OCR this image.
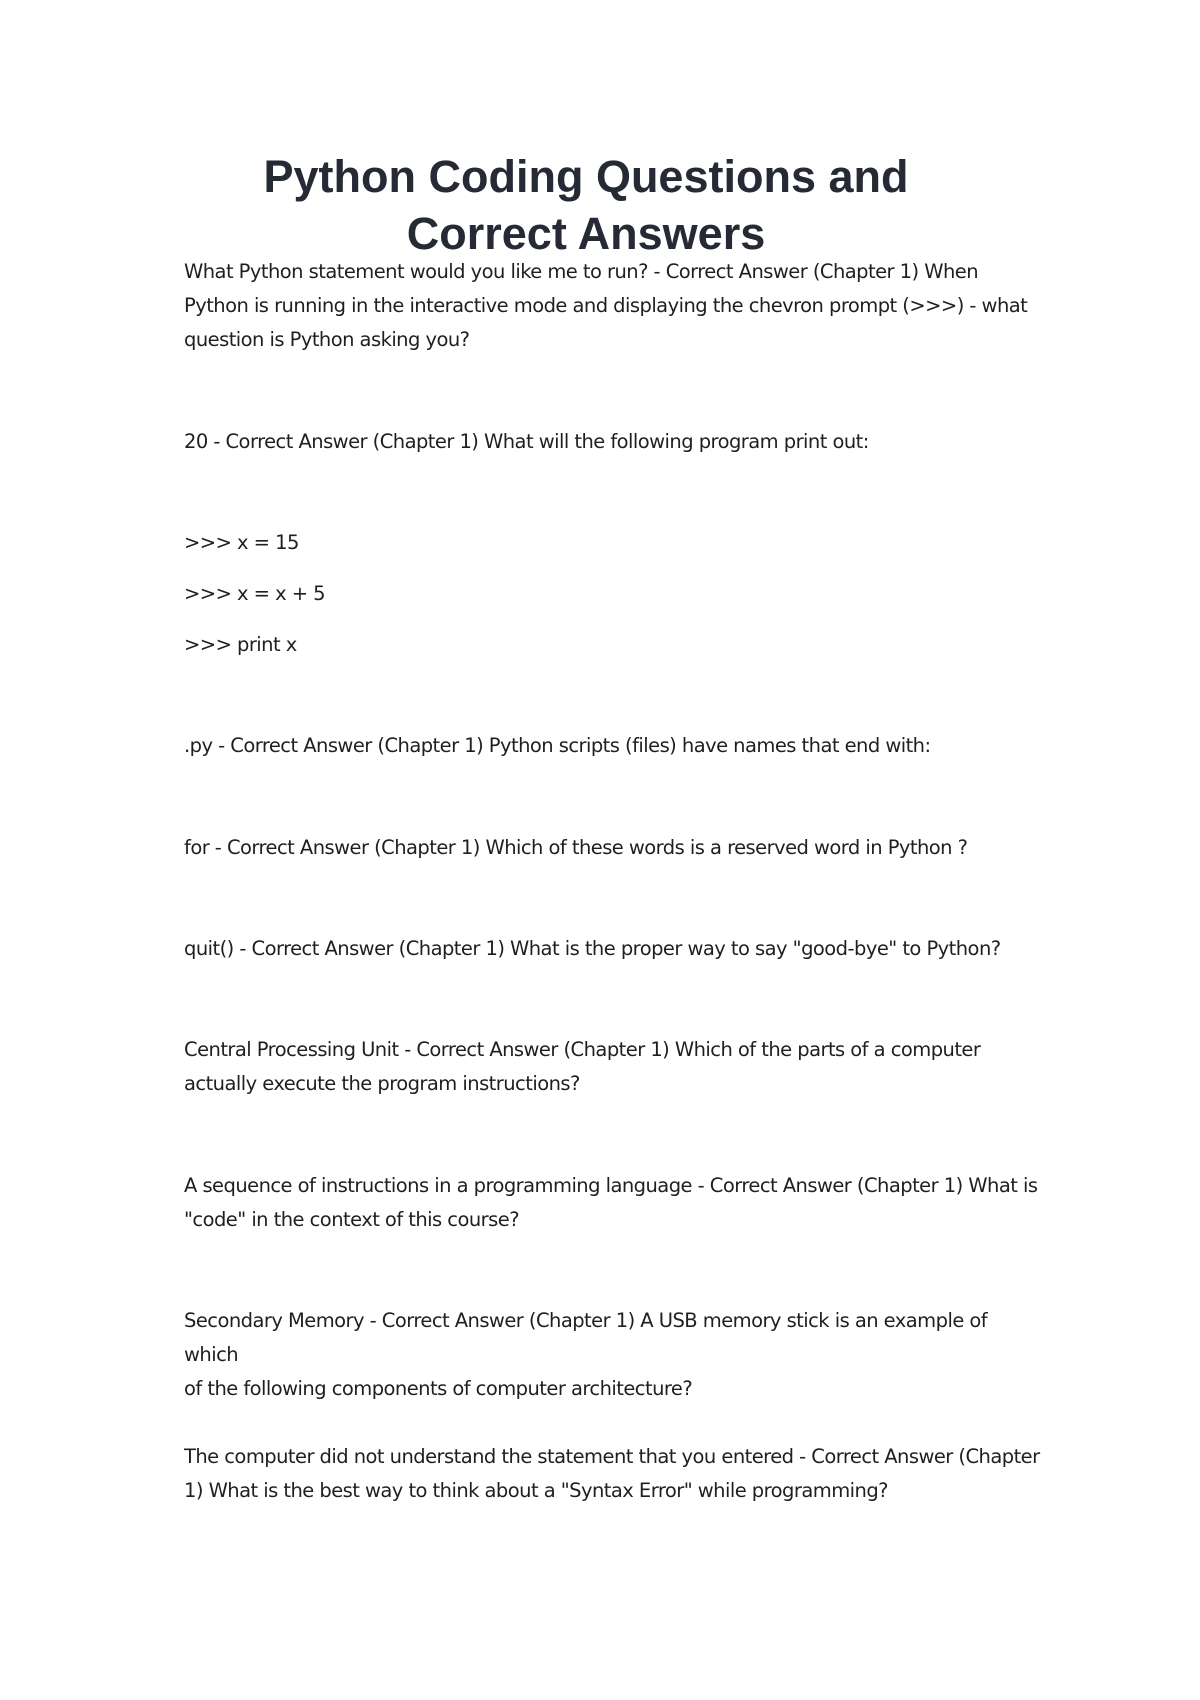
Python Coding Questions and
Correct Answers
What Python statement would you like me to run? - Correct Answer (Chapter 1) When
Python is running in the interactive mode and displaying the chevron prompt (>>>) - what
question is Python asking you?
20 - Correct Answer (Chapter 1) What will the following program print out:
>>> x = 15
>>> x = x + 5
>>> print x
.py - Correct Answer (Chapter 1) Python scripts (files) have names that end with:
for - Correct Answer (Chapter 1) Which of these words is a reserved word in Python ?
quit() - Correct Answer (Chapter 1) What is the proper way to say "good-bye" to Python?
Central Processing Unit - Correct Answer (Chapter 1) Which of the parts of a computer
actually execute the program instructions?
A sequence of instructions in a programming language - Correct Answer (Chapter 1) What is
"code" in the context of this course?
Secondary Memory - Correct Answer (Chapter 1) A USB memory stick is an example of which
of the following components of computer architecture?
The computer did not understand the statement that you entered - Correct Answer (Chapter
1) What is the best way to think about a "Syntax Error" while programming?
